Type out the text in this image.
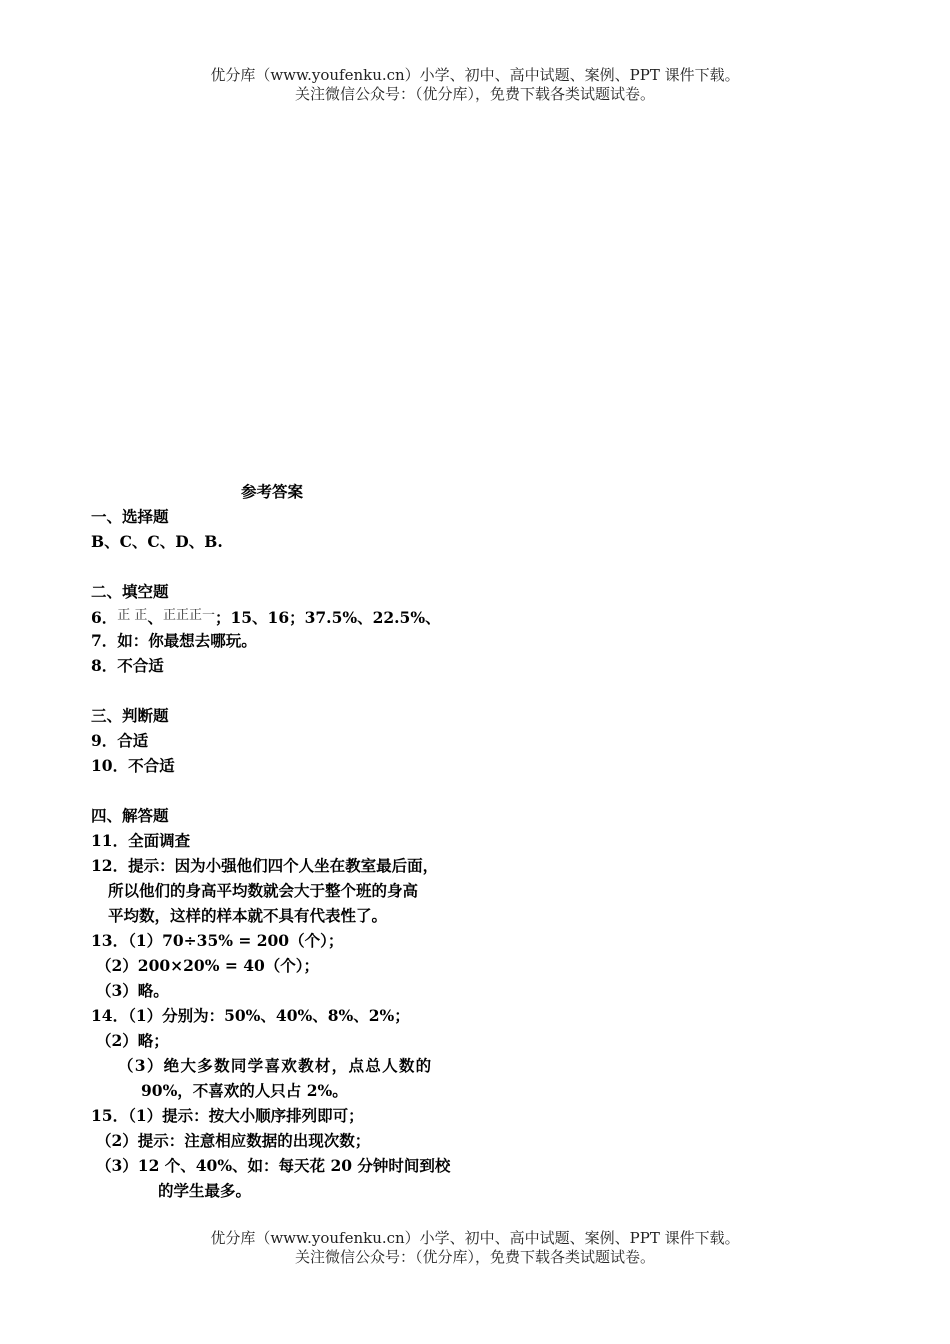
优分库（www.youfenku.cn）小学、初中、高中试题、案例、PPT 课件下载。
关注微信公众号：（优分库），免费下载各类试题试卷。
参考答案
一、选择题
B、C、C、D、B.
二、填空题
6．$^{正 正}$、$^{正正正一}$；15、16；37.5%、22.5%、
7．如：你最想去哪玩。
8．不合适
三、判断题
9．合适
10．不合适
四、解答题
11．全面调查
12．提示：因为小强他们四个人坐在教室最后面，
所以他们的身高平均数就会大于整个班的身高
平均数，这样的样本就不具有代表性了。
13．（1）70÷35% = 200（个）；
（2）200×20% = 40（个）；
（3）略。
14．（1）分别为：50%、40%、8%、2%；
（2）略；
（3）绝大多数同学喜欢教材，点总人数的
90%，不喜欢的人只占 2%。
15．（1）提示：按大小顺序排列即可；
（2）提示：注意相应数据的出现次数；
（3）12 个、40%、如：每天花 20 分钟时间到校
的学生最多。
优分库（www.youfenku.cn）小学、初中、高中试题、案例、PPT 课件下载。
关注微信公众号：（优分库），免费下载各类试题试卷。
